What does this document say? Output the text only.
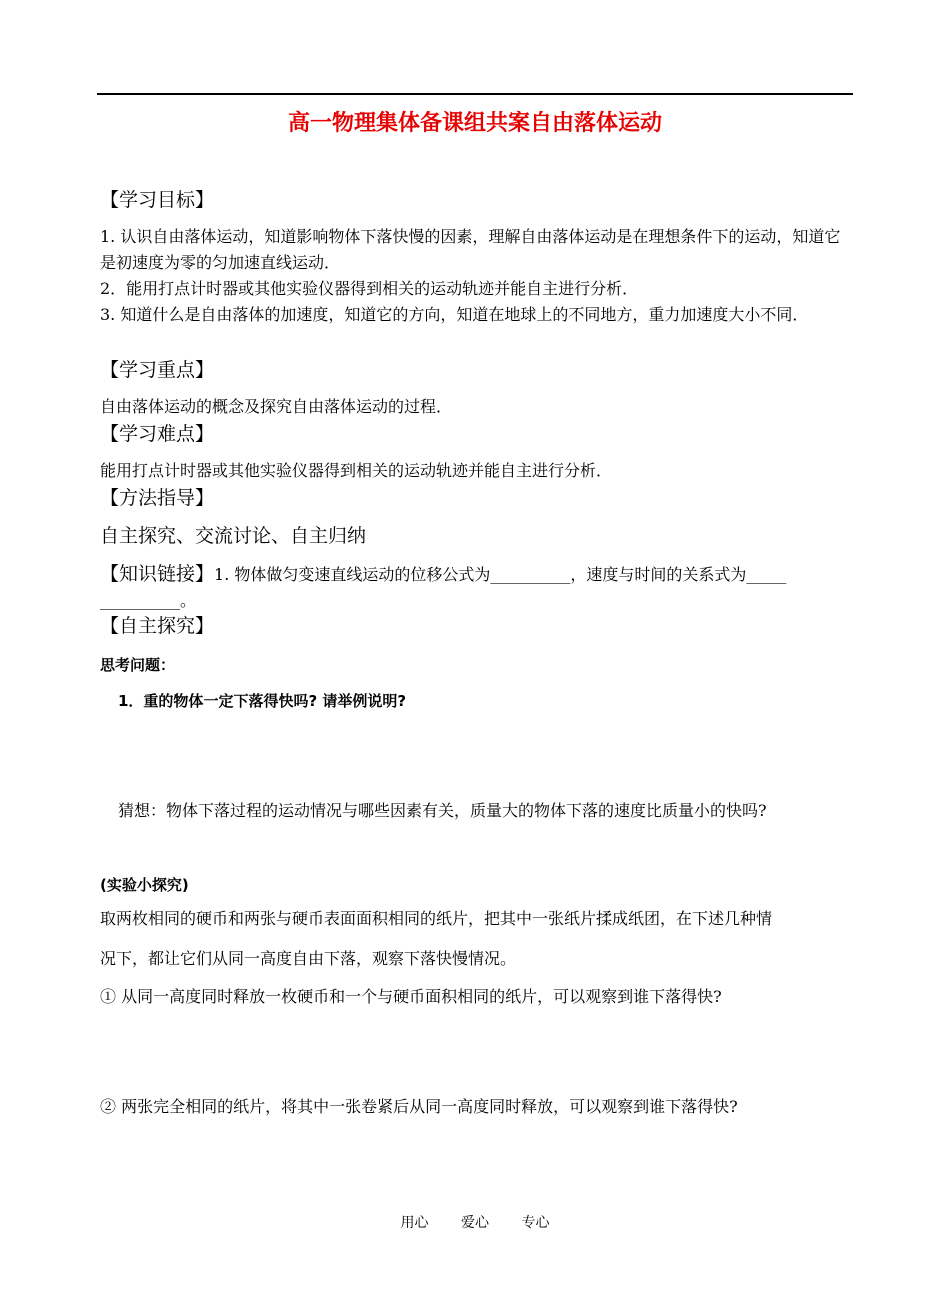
高一物理集体备课组共案自由落体运动
【学习目标】
1. 认识自由落体运动，知道影响物体下落快慢的因素，理解自由落体运动是在理想条件下的运动，知道它是初速度为零的匀加速直线运动．
2．能用打点计时器或其他实验仪器得到相关的运动轨迹并能自主进行分析．
3. 知道什么是自由落体的加速度，知道它的方向，知道在地球上的不同地方，重力加速度大小不同．
【学习重点】
自由落体运动的概念及探究自由落体运动的过程．
【学习难点】
能用打点计时器或其他实验仪器得到相关的运动轨迹并能自主进行分析．
【方法指导】
自主探究、交流讨论、自主归纳
【知识链接】1. 物体做匀变速直线运动的位移公式为__________，速度与时间的关系式为_____
__________。
【自主探究】
思考问题：
1．重的物体一定下落得快吗? 请举例说明?
猜想：物体下落过程的运动情况与哪些因素有关，质量大的物体下落的速度比质量小的快吗?
(实验小探究)
取两枚相同的硬币和两张与硬币表面面积相同的纸片，把其中一张纸片揉成纸团，在下述几种情
况下，都让它们从同一高度自由下落，观察下落快慢情况。
① 从同一高度同时释放一枚硬币和一个与硬币面积相同的纸片，可以观察到谁下落得快?
② 两张完全相同的纸片，将其中一张卷紧后从同一高度同时释放，可以观察到谁下落得快?
用心 爱心 专心
